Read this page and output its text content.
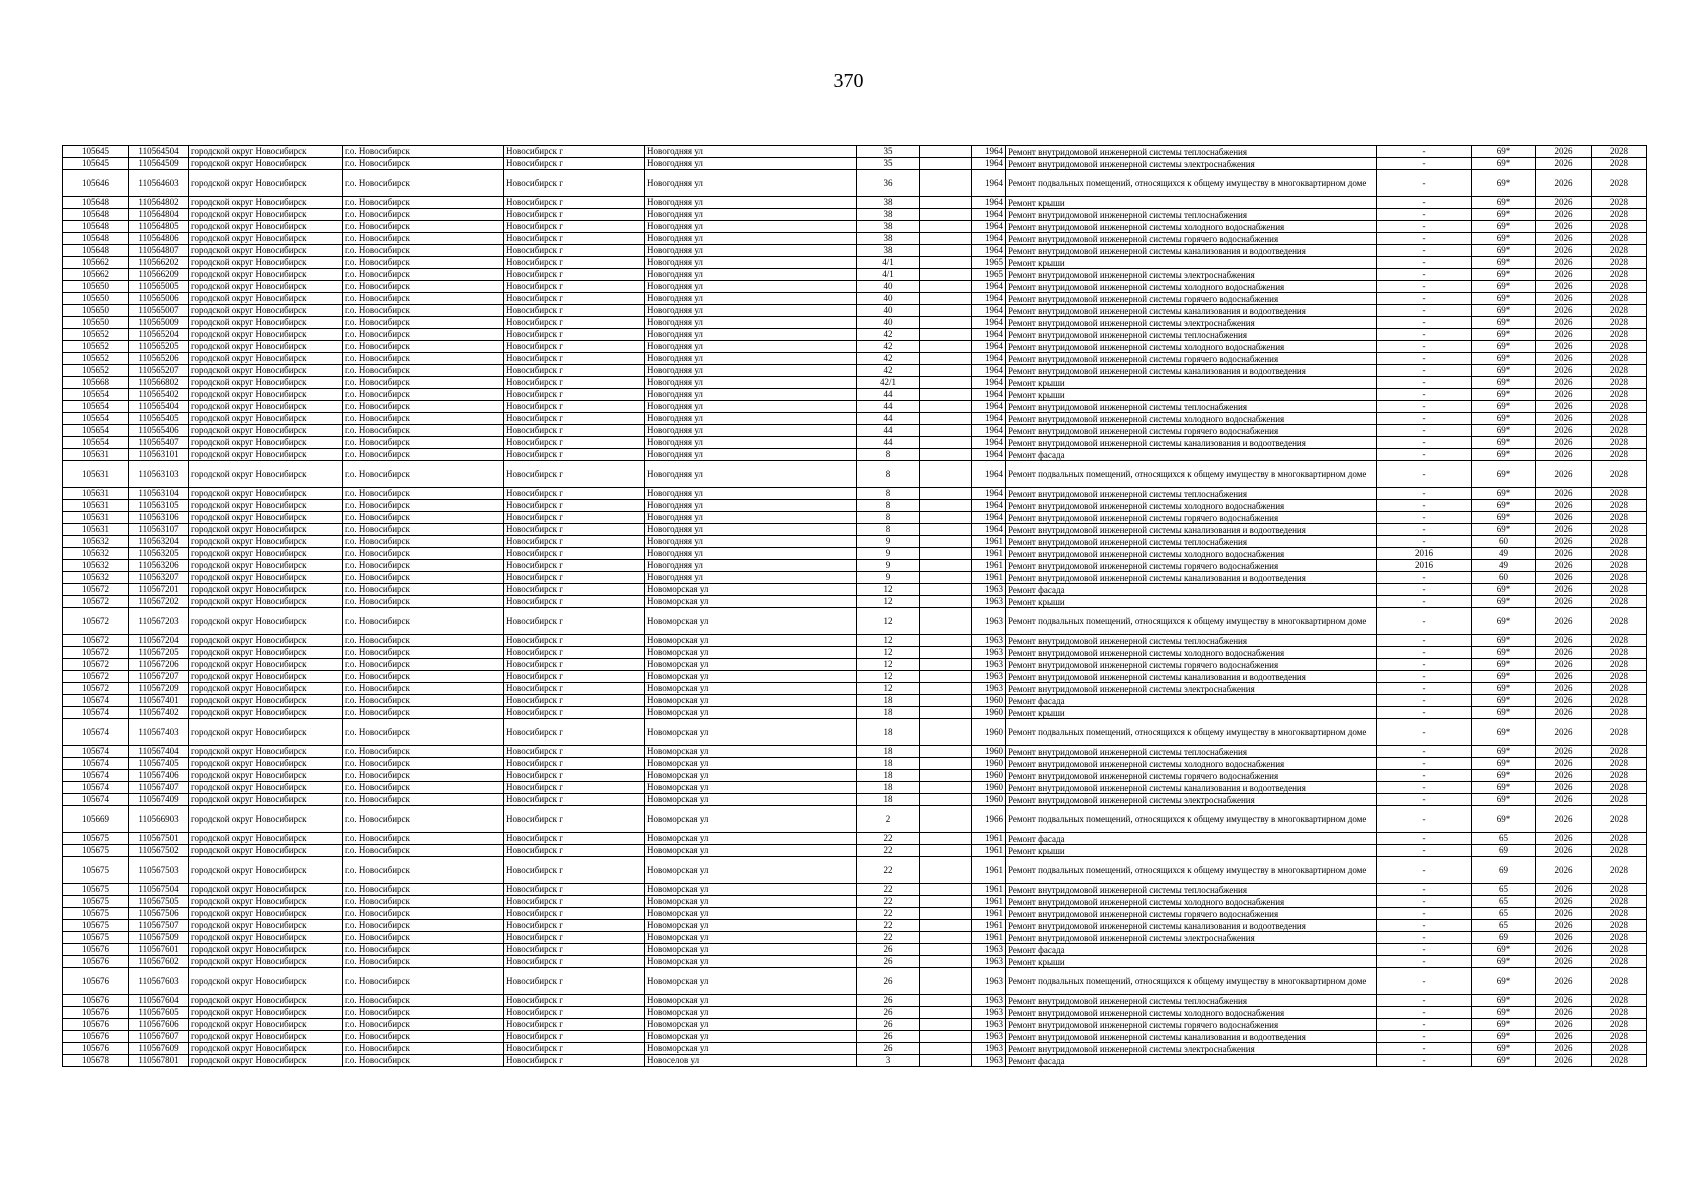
370
105645	110564504	городской округ Новосибирск	г.о. Новосибирск	Новосибирск г	Новогодняя ул	35		1964	Ремонт внутридомовой инженерной системы теплоснабжения	-	69*	2026	2028
105645	110564509	городской округ Новосибирск	г.о. Новосибирск	Новосибирск г	Новогодняя ул	35		1964	Ремонт внутридомовой инженерной системы электроснабжения	-	69*	2026	2028
105646	110564603	городской округ Новосибирск	г.о. Новосибирск	Новосибирск г	Новогодняя ул	36		1964	Ремонт подвальных помещений, относящихся к общему имуществу в многоквартирном доме	-	69*	2026	2028
105648	110564802	городской округ Новосибирск	г.о. Новосибирск	Новосибирск г	Новогодняя ул	38		1964	Ремонт крыши	-	69*	2026	2028
105648	110564804	городской округ Новосибирск	г.о. Новосибирск	Новосибирск г	Новогодняя ул	38		1964	Ремонт внутридомовой инженерной системы теплоснабжения	-	69*	2026	2028
105648	110564805	городской округ Новосибирск	г.о. Новосибирск	Новосибирск г	Новогодняя ул	38		1964	Ремонт внутридомовой инженерной системы холодного водоснабжения	-	69*	2026	2028
105648	110564806	городской округ Новосибирск	г.о. Новосибирск	Новосибирск г	Новогодняя ул	38		1964	Ремонт внутридомовой инженерной системы горячего водоснабжения	-	69*	2026	2028
105648	110564807	городской округ Новосибирск	г.о. Новосибирск	Новосибирск г	Новогодняя ул	38		1964	Ремонт внутридомовой инженерной системы канализования и водоотведения	-	69*	2026	2028
105662	110566202	городской округ Новосибирск	г.о. Новосибирск	Новосибирск г	Новогодняя ул	4/1		1965	Ремонт крыши	-	69*	2026	2028
105662	110566209	городской округ Новосибирск	г.о. Новосибирск	Новосибирск г	Новогодняя ул	4/1		1965	Ремонт внутридомовой инженерной системы электроснабжения	-	69*	2026	2028
105650	110565005	городской округ Новосибирск	г.о. Новосибирск	Новосибирск г	Новогодняя ул	40		1964	Ремонт внутридомовой инженерной системы холодного водоснабжения	-	69*	2026	2028
105650	110565006	городской округ Новосибирск	г.о. Новосибирск	Новосибирск г	Новогодняя ул	40		1964	Ремонт внутридомовой инженерной системы горячего водоснабжения	-	69*	2026	2028
105650	110565007	городской округ Новосибирск	г.о. Новосибирск	Новосибирск г	Новогодняя ул	40		1964	Ремонт внутридомовой инженерной системы канализования и водоотведения	-	69*	2026	2028
105650	110565009	городской округ Новосибирск	г.о. Новосибирск	Новосибирск г	Новогодняя ул	40		1964	Ремонт внутридомовой инженерной системы электроснабжения	-	69*	2026	2028
105652	110565204	городской округ Новосибирск	г.о. Новосибирск	Новосибирск г	Новогодняя ул	42		1964	Ремонт внутридомовой инженерной системы теплоснабжения	-	69*	2026	2028
105652	110565205	городской округ Новосибирск	г.о. Новосибирск	Новосибирск г	Новогодняя ул	42		1964	Ремонт внутридомовой инженерной системы холодного водоснабжения	-	69*	2026	2028
105652	110565206	городской округ Новосибирск	г.о. Новосибирск	Новосибирск г	Новогодняя ул	42		1964	Ремонт внутридомовой инженерной системы горячего водоснабжения	-	69*	2026	2028
105652	110565207	городской округ Новосибирск	г.о. Новосибирск	Новосибирск г	Новогодняя ул	42		1964	Ремонт внутридомовой инженерной системы канализования и водоотведения	-	69*	2026	2028
105668	110566802	городской округ Новосибирск	г.о. Новосибирск	Новосибирск г	Новогодняя ул	42/1		1964	Ремонт крыши	-	69*	2026	2028
105654	110565402	городской округ Новосибирск	г.о. Новосибирск	Новосибирск г	Новогодняя ул	44		1964	Ремонт крыши	-	69*	2026	2028
105654	110565404	городской округ Новосибирск	г.о. Новосибирск	Новосибирск г	Новогодняя ул	44		1964	Ремонт внутридомовой инженерной системы теплоснабжения	-	69*	2026	2028
105654	110565405	городской округ Новосибирск	г.о. Новосибирск	Новосибирск г	Новогодняя ул	44		1964	Ремонт внутридомовой инженерной системы холодного водоснабжения	-	69*	2026	2028
105654	110565406	городской округ Новосибирск	г.о. Новосибирск	Новосибирск г	Новогодняя ул	44		1964	Ремонт внутридомовой инженерной системы горячего водоснабжения	-	69*	2026	2028
105654	110565407	городской округ Новосибирск	г.о. Новосибирск	Новосибирск г	Новогодняя ул	44		1964	Ремонт внутридомовой инженерной системы канализования и водоотведения	-	69*	2026	2028
105631	110563101	городской округ Новосибирск	г.о. Новосибирск	Новосибирск г	Новогодняя ул	8		1964	Ремонт фасада	-	69*	2026	2028
105631	110563103	городской округ Новосибирск	г.о. Новосибирск	Новосибирск г	Новогодняя ул	8		1964	Ремонт подвальных помещений, относящихся к общему имуществу в многоквартирном доме	-	69*	2026	2028
105631	110563104	городской округ Новосибирск	г.о. Новосибирск	Новосибирск г	Новогодняя ул	8		1964	Ремонт внутридомовой инженерной системы теплоснабжения	-	69*	2026	2028
105631	110563105	городской округ Новосибирск	г.о. Новосибирск	Новосибирск г	Новогодняя ул	8		1964	Ремонт внутридомовой инженерной системы холодного водоснабжения	-	69*	2026	2028
105631	110563106	городской округ Новосибирск	г.о. Новосибирск	Новосибирск г	Новогодняя ул	8		1964	Ремонт внутридомовой инженерной системы горячего водоснабжения	-	69*	2026	2028
105631	110563107	городской округ Новосибирск	г.о. Новосибирск	Новосибирск г	Новогодняя ул	8		1964	Ремонт внутридомовой инженерной системы канализования и водоотведения	-	69*	2026	2028
105632	110563204	городской округ Новосибирск	г.о. Новосибирск	Новосибирск г	Новогодняя ул	9		1961	Ремонт внутридомовой инженерной системы теплоснабжения	-	60	2026	2028
105632	110563205	городской округ Новосибирск	г.о. Новосибирск	Новосибирск г	Новогодняя ул	9		1961	Ремонт внутридомовой инженерной системы холодного водоснабжения	2016	49	2026	2028
105632	110563206	городской округ Новосибирск	г.о. Новосибирск	Новосибирск г	Новогодняя ул	9		1961	Ремонт внутридомовой инженерной системы горячего водоснабжения	2016	49	2026	2028
105632	110563207	городской округ Новосибирск	г.о. Новосибирск	Новосибирск г	Новогодняя ул	9		1961	Ремонт внутридомовой инженерной системы канализования и водоотведения	-	60	2026	2028
105672	110567201	городской округ Новосибирск	г.о. Новосибирск	Новосибирск г	Новоморская ул	12		1963	Ремонт фасада	-	69*	2026	2028
105672	110567202	городской округ Новосибирск	г.о. Новосибирск	Новосибирск г	Новоморская ул	12		1963	Ремонт крыши	-	69*	2026	2028
105672	110567203	городской округ Новосибирск	г.о. Новосибирск	Новосибирск г	Новоморская ул	12		1963	Ремонт подвальных помещений, относящихся к общему имуществу в многоквартирном доме	-	69*	2026	2028
105672	110567204	городской округ Новосибирск	г.о. Новосибирск	Новосибирск г	Новоморская ул	12		1963	Ремонт внутридомовой инженерной системы теплоснабжения	-	69*	2026	2028
105672	110567205	городской округ Новосибирск	г.о. Новосибирск	Новосибирск г	Новоморская ул	12		1963	Ремонт внутридомовой инженерной системы холодного водоснабжения	-	69*	2026	2028
105672	110567206	городской округ Новосибирск	г.о. Новосибирск	Новосибирск г	Новоморская ул	12		1963	Ремонт внутридомовой инженерной системы горячего водоснабжения	-	69*	2026	2028
105672	110567207	городской округ Новосибирск	г.о. Новосибирск	Новосибирск г	Новоморская ул	12		1963	Ремонт внутридомовой инженерной системы канализования и водоотведения	-	69*	2026	2028
105672	110567209	городской округ Новосибирск	г.о. Новосибирск	Новосибирск г	Новоморская ул	12		1963	Ремонт внутридомовой инженерной системы электроснабжения	-	69*	2026	2028
105674	110567401	городской округ Новосибирск	г.о. Новосибирск	Новосибирск г	Новоморская ул	18		1960	Ремонт фасада	-	69*	2026	2028
105674	110567402	городской округ Новосибирск	г.о. Новосибирск	Новосибирск г	Новоморская ул	18		1960	Ремонт крыши	-	69*	2026	2028
105674	110567403	городской округ Новосибирск	г.о. Новосибирск	Новосибирск г	Новоморская ул	18		1960	Ремонт подвальных помещений, относящихся к общему имуществу в многоквартирном доме	-	69*	2026	2028
105674	110567404	городской округ Новосибирск	г.о. Новосибирск	Новосибирск г	Новоморская ул	18		1960	Ремонт внутридомовой инженерной системы теплоснабжения	-	69*	2026	2028
105674	110567405	городской округ Новосибирск	г.о. Новосибирск	Новосибирск г	Новоморская ул	18		1960	Ремонт внутридомовой инженерной системы холодного водоснабжения	-	69*	2026	2028
105674	110567406	городской округ Новосибирск	г.о. Новосибирск	Новосибирск г	Новоморская ул	18		1960	Ремонт внутридомовой инженерной системы горячего водоснабжения	-	69*	2026	2028
105674	110567407	городской округ Новосибирск	г.о. Новосибирск	Новосибирск г	Новоморская ул	18		1960	Ремонт внутридомовой инженерной системы канализования и водоотведения	-	69*	2026	2028
105674	110567409	городской округ Новосибирск	г.о. Новосибирск	Новосибирск г	Новоморская ул	18		1960	Ремонт внутридомовой инженерной системы электроснабжения	-	69*	2026	2028
105669	110566903	городской округ Новосибирск	г.о. Новосибирск	Новосибирск г	Новоморская ул	2		1966	Ремонт подвальных помещений, относящихся к общему имуществу в многоквартирном доме	-	69*	2026	2028
105675	110567501	городской округ Новосибирск	г.о. Новосибирск	Новосибирск г	Новоморская ул	22		1961	Ремонт фасада	-	65	2026	2028
105675	110567502	городской округ Новосибирск	г.о. Новосибирск	Новосибирск г	Новоморская ул	22		1961	Ремонт крыши	-	69	2026	2028
105675	110567503	городской округ Новосибирск	г.о. Новосибирск	Новосибирск г	Новоморская ул	22		1961	Ремонт подвальных помещений, относящихся к общему имуществу в многоквартирном доме	-	69	2026	2028
105675	110567504	городской округ Новосибирск	г.о. Новосибирск	Новосибирск г	Новоморская ул	22		1961	Ремонт внутридомовой инженерной системы теплоснабжения	-	65	2026	2028
105675	110567505	городской округ Новосибирск	г.о. Новосибирск	Новосибирск г	Новоморская ул	22		1961	Ремонт внутридомовой инженерной системы холодного водоснабжения	-	65	2026	2028
105675	110567506	городской округ Новосибирск	г.о. Новосибирск	Новосибирск г	Новоморская ул	22		1961	Ремонт внутридомовой инженерной системы горячего водоснабжения	-	65	2026	2028
105675	110567507	городской округ Новосибирск	г.о. Новосибирск	Новосибирск г	Новоморская ул	22		1961	Ремонт внутридомовой инженерной системы канализования и водоотведения	-	65	2026	2028
105675	110567509	городской округ Новосибирск	г.о. Новосибирск	Новосибирск г	Новоморская ул	22		1961	Ремонт внутридомовой инженерной системы электроснабжения	-	69	2026	2028
105676	110567601	городской округ Новосибирск	г.о. Новосибирск	Новосибирск г	Новоморская ул	26		1963	Ремонт фасада	-	69*	2026	2028
105676	110567602	городской округ Новосибирск	г.о. Новосибирск	Новосибирск г	Новоморская ул	26		1963	Ремонт крыши	-	69*	2026	2028
105676	110567603	городской округ Новосибирск	г.о. Новосибирск	Новосибирск г	Новоморская ул	26		1963	Ремонт подвальных помещений, относящихся к общему имуществу в многоквартирном доме	-	69*	2026	2028
105676	110567604	городской округ Новосибирск	г.о. Новосибирск	Новосибирск г	Новоморская ул	26		1963	Ремонт внутридомовой инженерной системы теплоснабжения	-	69*	2026	2028
105676	110567605	городской округ Новосибирск	г.о. Новосибирск	Новосибирск г	Новоморская ул	26		1963	Ремонт внутридомовой инженерной системы холодного водоснабжения	-	69*	2026	2028
105676	110567606	городской округ Новосибирск	г.о. Новосибирск	Новосибирск г	Новоморская ул	26		1963	Ремонт внутридомовой инженерной системы горячего водоснабжения	-	69*	2026	2028
105676	110567607	городской округ Новосибирск	г.о. Новосибирск	Новосибирск г	Новоморская ул	26		1963	Ремонт внутридомовой инженерной системы канализования и водоотведения	-	69*	2026	2028
105676	110567609	городской округ Новосибирск	г.о. Новосибирск	Новосибирск г	Новоморская ул	26		1963	Ремонт внутридомовой инженерной системы электроснабжения	-	69*	2026	2028
105678	110567801	городской округ Новосибирск	г.о. Новосибирск	Новосибирск г	Новоселов ул	3		1963	Ремонт фасада	-	69*	2026	2028
